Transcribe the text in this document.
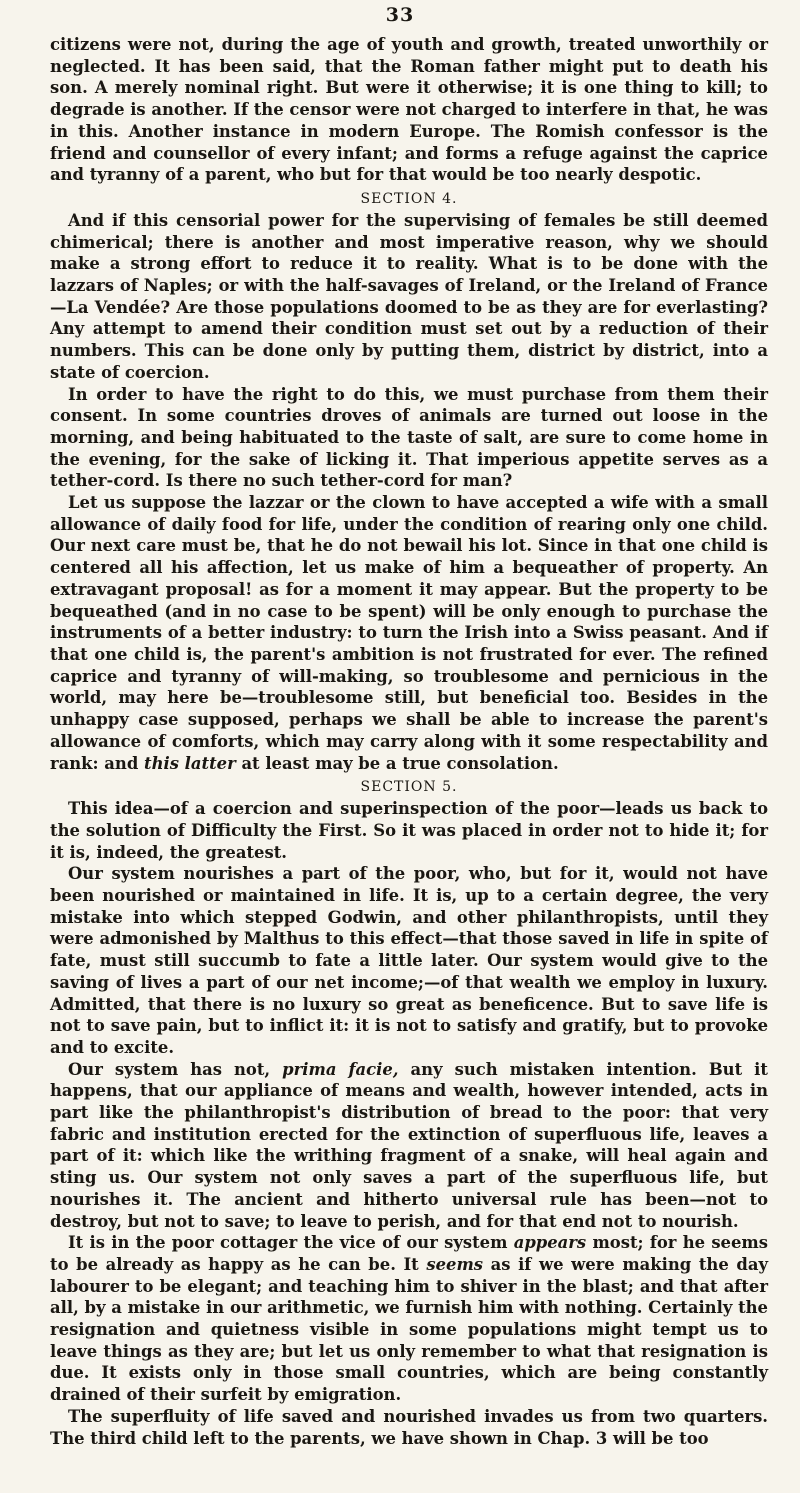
33

citizens were not, during the age of youth and growth, treated unworthily or neglected. It has been said, that the Roman father might put to death his son. A merely nominal right. But were it otherwise; it is one thing to kill; to degrade is another. If the censor were not charged to interfere in that, he was in this. Another instance in modern Europe. The Romish confessor is the friend and counsellor of every infant; and forms a refuge against the caprice and tyranny of a parent, who but for that would be too nearly despotic.

SECTION 4.

And if this censorial power for the supervising of females be still deemed chimerical; there is another and most imperative reason, why we should make a strong effort to reduce it to reality. What is to be done with the lazzars of Naples; or with the half-savages of Ireland, or the Ireland of France—La Vendée? Are those populations doomed to be as they are for everlasting? Any attempt to amend their condition must set out by a reduction of their numbers. This can be done only by putting them, district by district, into a state of coercion.

In order to have the right to do this, we must purchase from them their consent. In some countries droves of animals are turned out loose in the morning, and being habituated to the taste of salt, are sure to come home in the evening, for the sake of licking it. That imperious appetite serves as a tether-cord. Is there no such tether-cord for man?

Let us suppose the lazzar or the clown to have accepted a wife with a small allowance of daily food for life, under the condition of rearing only one child. Our next care must be, that he do not bewail his lot. Since in that one child is centered all his affection, let us make of him a bequeather of property. An extravagant proposal! as for a moment it may appear. But the property to be bequeathed (and in no case to be spent) will be only enough to purchase the instruments of a better industry: to turn the Irish into a Swiss peasant. And if that one child is, the parent's ambition is not frustrated for ever. The refined caprice and tyranny of will-making, so troublesome and pernicious in the world, may here be—troublesome still, but beneficial too. Besides in the unhappy case supposed, perhaps we shall be able to increase the parent's allowance of comforts, which may carry along with it some respectability and rank: and this latter at least may be a true consolation.

SECTION 5.

This idea—of a coercion and superinspection of the poor—leads us back to the solution of Difficulty the First. So it was placed in order not to hide it; for it is, indeed, the greatest.

Our system nourishes a part of the poor, who, but for it, would not have been nourished or maintained in life. It is, up to a certain degree, the very mistake into which stepped Godwin, and other philanthropists, until they were admonished by Malthus to this effect—that those saved in life in spite of fate, must still succumb to fate a little later. Our system would give to the saving of lives a part of our net income;—of that wealth we employ in luxury. Admitted, that there is no luxury so great as beneficence. But to save life is not to save pain, but to inflict it: it is not to satisfy and gratify, but to provoke and to excite.

Our system has not, prima facie, any such mistaken intention. But it happens, that our appliance of means and wealth, however intended, acts in part like the philanthropist's distribution of bread to the poor: that very fabric and institution erected for the extinction of superfluous life, leaves a part of it: which like the writhing fragment of a snake, will heal again and sting us. Our system not only saves a part of the superfluous life, but nourishes it. The ancient and hitherto universal rule has been—not to destroy, but not to save; to leave to perish, and for that end not to nourish.

It is in the poor cottager the vice of our system appears most; for he seems to be already as happy as he can be. It seems as if we were making the day labourer to be elegant; and teaching him to shiver in the blast; and that after all, by a mistake in our arithmetic, we furnish him with nothing. Certainly the resignation and quietness visible in some populations might tempt us to leave things as they are; but let us only remember to what that resignation is due. It exists only in those small countries, which are being constantly drained of their surfeit by emigration.

The superfluity of life saved and nourished invades us from two quarters. The third child left to the parents, we have shown in Chap. 3 will be too
